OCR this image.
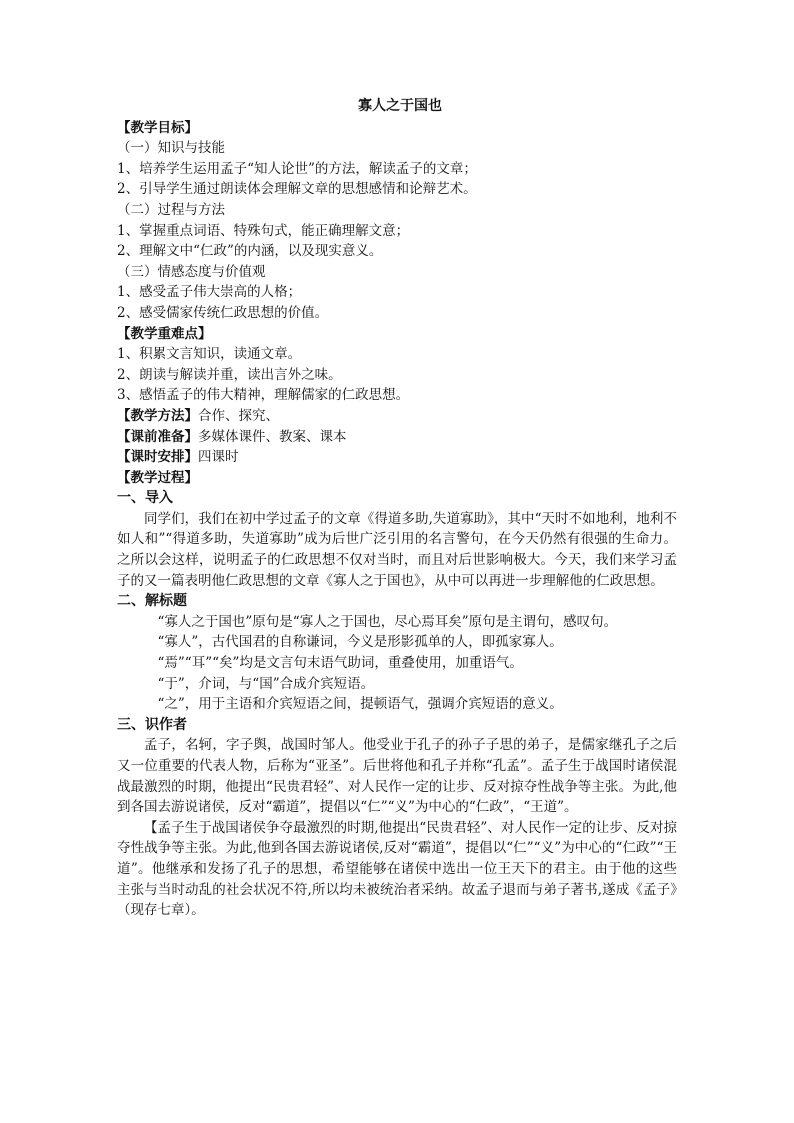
寡人之于国也
【教学目标】
（一）知识与技能
1、培养学生运用孟子“知人论世”的方法，解读孟子的文章；
2、引导学生通过朗读体会理解文章的思想感情和论辩艺术。
（二）过程与方法
1、掌握重点词语、特殊句式，能正确理解文意；
2、理解文中“仁政”的内涵，以及现实意义。
（三）情感态度与价值观
1、感受孟子伟大崇高的人格；
2、感受儒家传统仁政思想的价值。
【教学重难点】
1、积累文言知识，读通文章。
2、朗读与解读并重，读出言外之味。
3、感悟孟子的伟大精神，理解儒家的仁政思想。
【教学方法】合作、探究、
【课前准备】多媒体课件、教案、课本
【课时安排】四课时
【教学过程】
一、导入

同学们，我们在初中学过孟子的文章《得道多助,失道寡助》，其中“天时不如地利，地利不如人和”“得道多助，失道寡助”成为后世广泛引用的名言警句，在今天仍然有很强的生命力。之所以会这样，说明孟子的仁政思想不仅对当时，而且对后世影响极大。今天，我们来学习孟子的又一篇表明他仁政思想的文章《寡人之于国也》，从中可以再进一步理解他的仁政思想。

二、解标题

“寡人之于国也”原句是“寡人之于国也，尽心焉耳矣”原句是主谓句，感叹句。

“寡人”，古代国君的自称谦词，今义是形影孤单的人，即孤家寡人。

“焉”“耳”“矣”均是文言句末语气助词，重叠使用，加重语气。

“于”，介词，与“国”合成介宾短语。

“之”，用于主语和介宾短语之间，提顿语气，强调介宾短语的意义。

三、识作者

孟子，名轲，字子舆，战国时邹人。他受业于孔子的孙子子思的弟子，是儒家继孔子之后又一位重要的代表人物，后称为“亚圣”。后世将他和孔子并称“孔孟”。孟子生于战国时诸侯混战最激烈的时期，他提出“民贵君轻”、对人民作一定的让步、反对掠夺性战争等主张。为此,他到各国去游说诸侯，反对“霸道”，提倡以“仁”“义”为中心的“仁政”，“王道”。

【孟子生于战国诸侯争夺最激烈的时期,他提出“民贵君轻”、对人民作一定的让步、反对掠夺性战争等主张。为此,他到各国去游说诸侯,反对“霸道”，提倡以“仁”“义”为中心的“仁政”“王道”。他继承和发扬了孔子的思想，希望能够在诸侯中选出一位王天下的君主。由于他的这些主张与当时动乱的社会状况不符,所以均未被统治者采纳。故孟子退而与弟子著书,遂成《孟子》（现存七章）。
